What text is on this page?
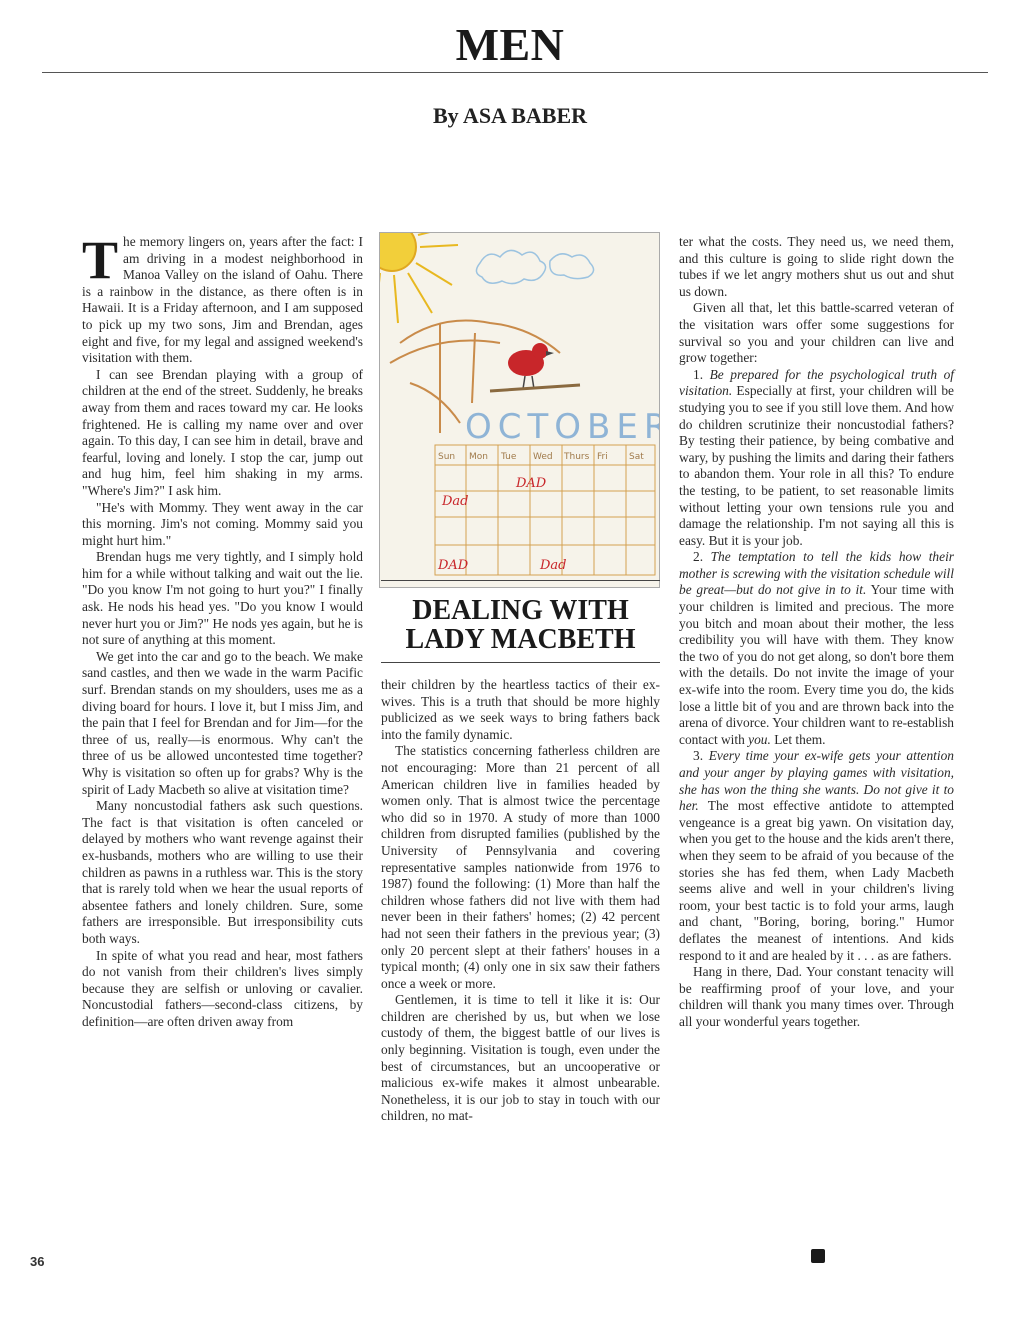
MEN
By ASA BABER

The memory lingers on, years after the fact: I am driving in a modest neighborhood in Manoa Valley on the island of Oahu. There is a rainbow in the distance, as there often is in Hawaii. It is a Friday afternoon, and I am supposed to pick up my two sons, Jim and Brendan, ages eight and five, for my legal and assigned weekend's visitation with them.

I can see Brendan playing with a group of children at the end of the street. Suddenly, he breaks away from them and races toward my car. He looks frightened. He is calling my name over and over again. To this day, I can see him in detail, brave and fearful, loving and lonely. I stop the car, jump out and hug him, feel him shaking in my arms. "Where's Jim?" I ask him.

"He's with Mommy. They went away in the car this morning. Jim's not coming. Mommy said you might hurt him."

Brendan hugs me very tightly, and I simply hold him for a while without talking and wait out the lie. "Do you know I'm not going to hurt you?" I finally ask. He nods his head yes. "Do you know I would never hurt you or Jim?" He nods yes again, but he is not sure of anything at this moment.

We get into the car and go to the beach. We make sand castles, and then we wade in the warm Pacific surf. Brendan stands on my shoulders, uses me as a diving board for hours. I love it, but I miss Jim, and the pain that I feel for Brendan and for Jim—for the three of us, really—is enormous. Why can't the three of us be allowed uncontested time together? Why is visitation so often up for grabs? Why is the spirit of Lady Macbeth so alive at visitation time?

Many noncustodial fathers ask such questions. The fact is that visitation is often canceled or delayed by mothers who want revenge against their ex-husbands, mothers who are willing to use their children as pawns in a ruthless war. This is the story that is rarely told when we hear the usual reports of absentee fathers and lonely children. Sure, some fathers are irresponsible. But irresponsibility cuts both ways.

In spite of what you read and hear, most fathers do not vanish from their children's lives simply because they are selfish or unloving or cavalier. Noncustodial fathers—second-class citizens, by definition—are often driven away from

OCTOBER
Sun Mon Tue Wed Thurs Fri Sat
DAD
Dad
DAD	Dad
DEALING WITH
LADY MACBETH

their children by the heartless tactics of their ex-wives. This is a truth that should be more highly publicized as we seek ways to bring fathers back into the family dynamic.

The statistics concerning fatherless children are not encouraging: More than 21 percent of all American children live in families headed by women only. That is almost twice the percentage who did so in 1970. A study of more than 1000 children from disrupted families (published by the University of Pennsylvania and covering representative samples nationwide from 1976 to 1987) found the following: (1) More than half the children whose fathers did not live with them had never been in their fathers' homes; (2) 42 percent had not seen their fathers in the previous year; (3) only 20 percent slept at their fathers' houses in a typical month; (4) only one in six saw their fathers once a week or more.

Gentlemen, it is time to tell it like it is: Our children are cherished by us, but when we lose custody of them, the biggest battle of our lives is only beginning. Visitation is tough, even under the best of circumstances, but an uncooperative or malicious ex-wife makes it almost unbearable. Nonetheless, it is our job to stay in touch with our children, no mat-

ter what the costs. They need us, we need them, and this culture is going to slide right down the tubes if we let angry mothers shut us out and shut us down.

Given all that, let this battle-scarred veteran of the visitation wars offer some suggestions for survival so you and your children can live and grow together:

1. Be prepared for the psychological truth of visitation. Especially at first, your children will be studying you to see if you still love them. And how do children scrutinize their noncustodial fathers? By testing their patience, by being combative and wary, by pushing the limits and daring their fathers to abandon them. Your role in all this? To endure the testing, to be patient, to set reasonable limits without letting your own tensions rule you and damage the relationship. I'm not saying all this is easy. But it is your job.

2. The temptation to tell the kids how their mother is screwing with the visitation schedule will be great—but do not give in to it. Your time with your children is limited and precious. The more you bitch and moan about their mother, the less credibility you will have with them. They know the two of you do not get along, so don't bore them with the details. Do not invite the image of your ex-wife into the room. Every time you do, the kids lose a little bit of you and are thrown back into the arena of divorce. Your children want to re-establish contact with you. Let them.

3. Every time your ex-wife gets your attention and your anger by playing games with visitation, she has won the thing she wants. Do not give it to her. The most effective antidote to attempted vengeance is a great big yawn. On visitation day, when you get to the house and the kids aren't there, when they seem to be afraid of you because of the stories she has fed them, when Lady Macbeth seems alive and well in your children's living room, your best tactic is to fold your arms, laugh and chant, "Boring, boring, boring." Humor deflates the meanest of intentions. And kids respond to it and are healed by it . . . as are fathers.

Hang in there, Dad. Your constant tenacity will be reaffirming proof of your love, and your children will thank you many times over. Through all your wonderful years together.

36
